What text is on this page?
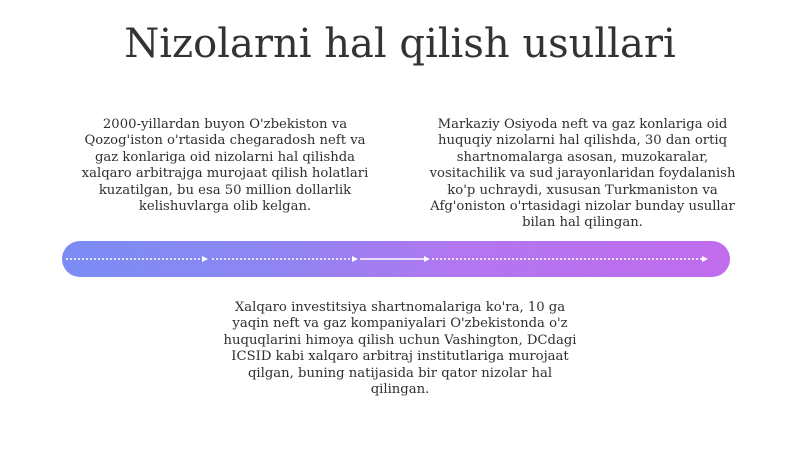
Nizolarni hal qilish usullari

2000-yillardan buyon O'zbekiston va Qozog'iston o'rtasida chegaradosh neft va gaz konlariga oid nizolarni hal qilishda xalqaro arbitrajga murojaat qilish holatlari kuzatilgan, bu esa 50 million dollarlik kelishuvlarga olib kelgan.

Markaziy Osiyoda neft va gaz konlariga oid huquqiy nizolarni hal qilishda, 30 dan ortiq shartnomalarga asosan, muzokaralar, vositachilik va sud jarayonlaridan foydalanish ko'p uchraydi, xususan Turkmaniston va Afg'oniston o'rtasidagi nizolar bunday usullar bilan hal qilingan.

Xalqaro investitsiya shartnomalariga ko'ra, 10 ga yaqin neft va gaz kompaniyalari O'zbekistonda o'z huquqlarini himoya qilish uchun Vashington, DCdagi ICSID kabi xalqaro arbitraj institutlariga murojaat qilgan, buning natijasida bir qator nizolar hal qilingan.
